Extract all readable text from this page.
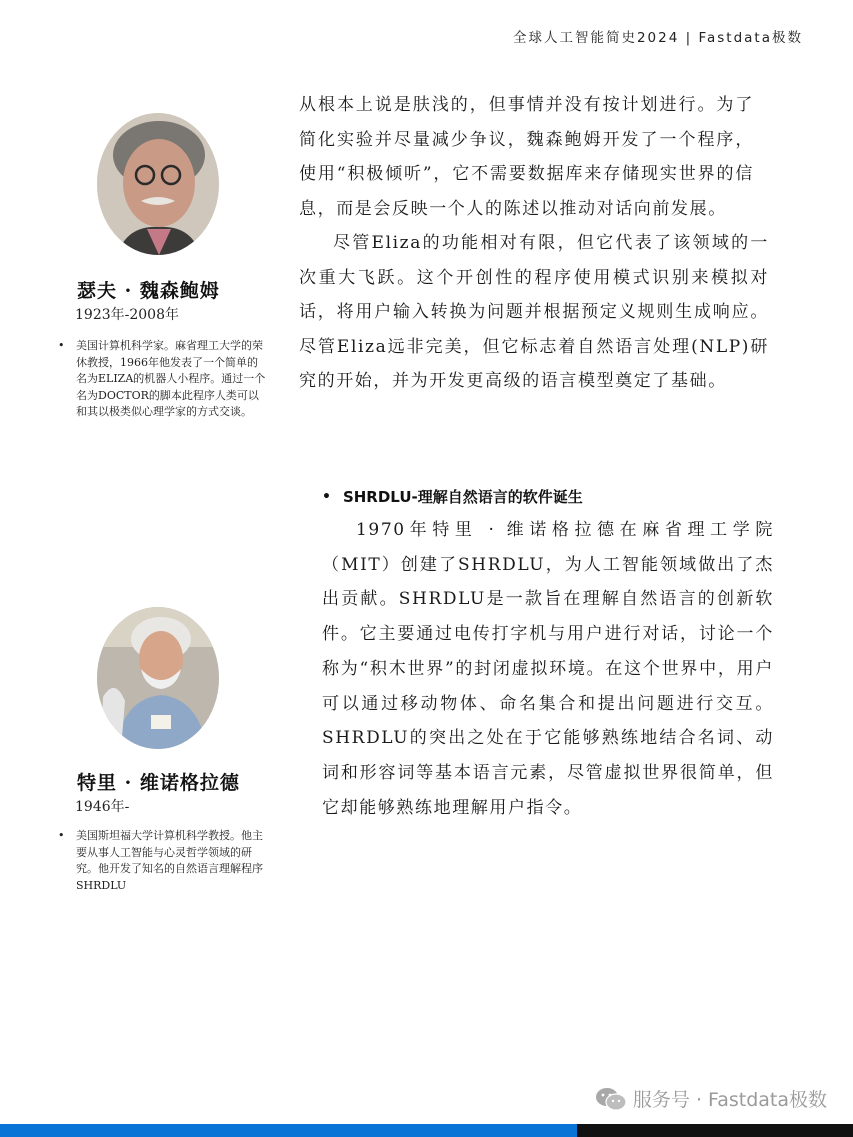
全球人工智能简史2024 | Fastdata极数
瑟夫 · 魏森鲍姆
1923年-2008年
• 美国计算机科学家。麻省理工大学的荣休教授，1966年他发表了一个简单的名为ELIZA的机器人小程序。通过一个名为DOCTOR的脚本此程序人类可以和其以极类似心理学家的方式交谈。
特里 · 维诺格拉德
1946年-
• 美国斯坦福大学计算机科学教授。他主要从事人工智能与心灵哲学领域的研究。他开发了知名的自然语言理解程序SHRDLU

从根本上说是肤浅的，但事情并没有按计划进行。为了简化实验并尽量减少争议，魏森鲍姆开发了一个程序，使用“积极倾听”，它不需要数据库来存储现实世界的信息，而是会反映一个人的陈述以推动对话向前发展。

尽管Eliza的功能相对有限，但它代表了该领域的一次重大飞跃。这个开创性的程序使用模式识别来模拟对话，将用户输入转换为问题并根据预定义规则生成响应。尽管Eliza远非完美，但它标志着自然语言处理(NLP)研究的开始，并为开发更高级的语言模型奠定了基础。

• SHRDLU-理解自然语言的软件诞生

1970年特里 · 维诺格拉德在麻省理工学院（MIT）创建了SHRDLU，为人工智能领域做出了杰出贡献。SHRDLU是一款旨在理解自然语言的创新软件。它主要通过电传打字机与用户进行对话，讨论一个称为“积木世界”的封闭虚拟环境。在这个世界中，用户可以通过移动物体、命名集合和提出问题进行交互。SHRDLU的突出之处在于它能够熟练地结合名词、动词和形容词等基本语言元素，尽管虚拟世界很简单，但它却能够熟练地理解用户指令。

服务号 · Fastdata极数
